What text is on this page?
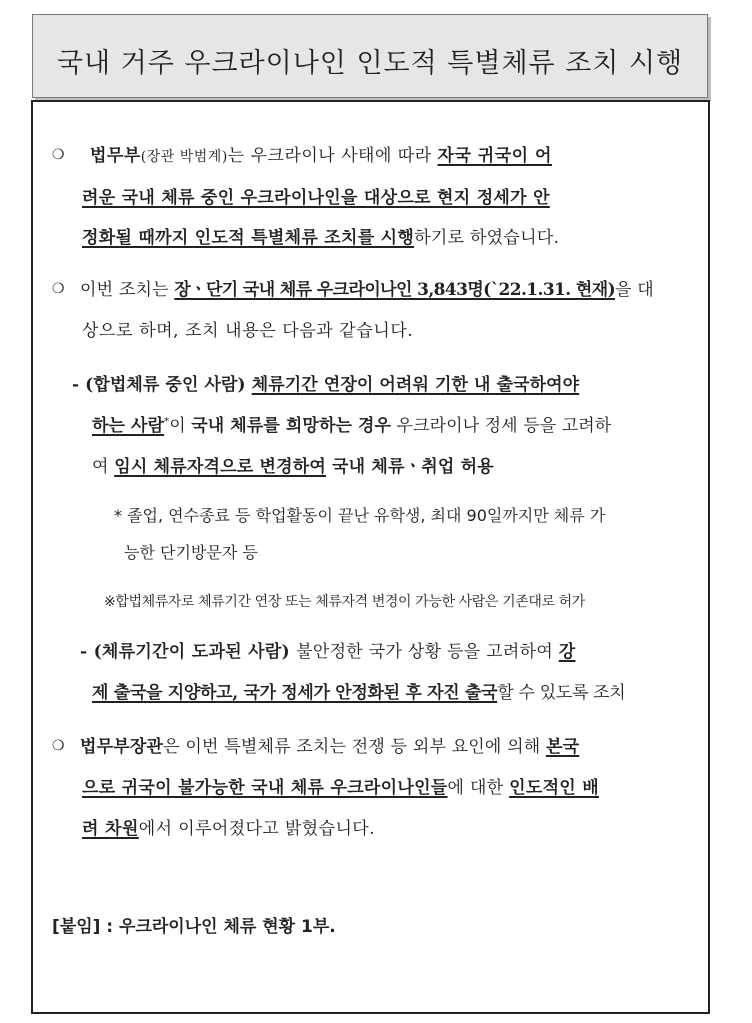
국내 거주 우크라이나인 인도적 특별체류 조치 시행
❍ 법무부(장관 박범계)는 우크라이나 사태에 따라 자국 귀국이 어
려운 국내 체류 중인 우크라이나인을 대상으로 현지 정세가 안
정화될 때까지 인도적 특별체류 조치를 시행하기로 하였습니다.
❍ 이번 조치는 장ㆍ단기 국내 체류 우크라이나인 3,843명(`22.1.31. 현재)을 대
상으로 하며, 조치 내용은 다음과 같습니다.
- (합법체류 중인 사람) 체류기간 연장이 어려워 기한 내 출국하여야
하는 사람*이 국내 체류를 희망하는 경우 우크라이나 정세 등을 고려하
여 임시 체류자격으로 변경하여 국내 체류ㆍ취업 허용
* 졸업, 연수종료 등 학업활동이 끝난 유학생, 최대 90일까지만 체류 가
능한 단기방문자 등
※합법체류자로 체류기간 연장 또는 체류자격 변경이 가능한 사람은 기존대로 허가
- (체류기간이 도과된 사람) 불안정한 국가 상황 등을 고려하여 강
제 출국을 지양하고, 국가 정세가 안정화된 후 자진 출국할 수 있도록 조치
❍ 법무부장관은 이번 특별체류 조치는 전쟁 등 외부 요인에 의해 본국
으로 귀국이 불가능한 국내 체류 우크라이나인들에 대한 인도적인 배
려 차원에서 이루어졌다고 밝혔습니다.
[붙임] : 우크라이나인 체류 현황 1부.
